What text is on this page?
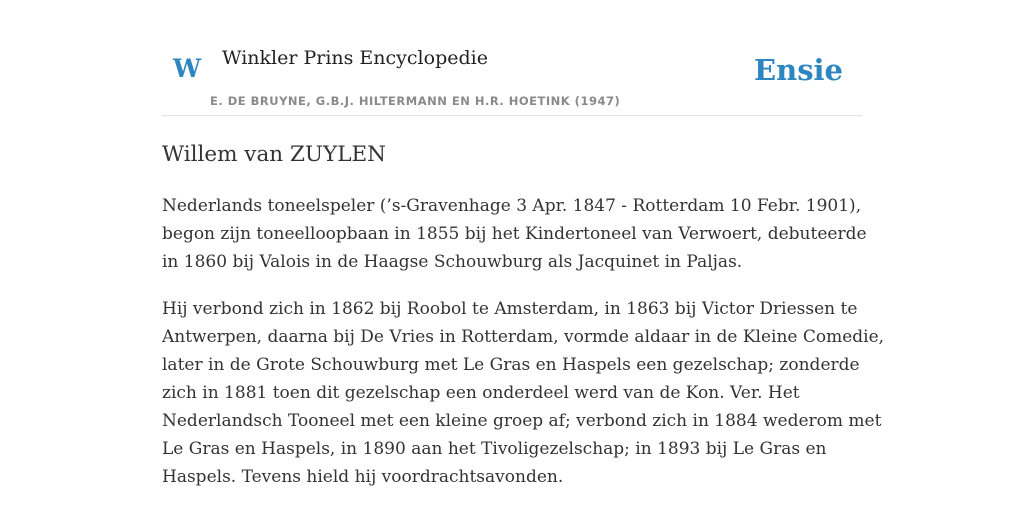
W Winkler Prins Encyclopedie
E. DE BRUYNE, G.B.J. HILTERMANN EN H.R. HOETINK (1947)
Ensie
Willem van ZUYLEN

Nederlands toneelspeler (’s-Gravenhage 3 Apr. 1847 - Rotterdam 10 Febr. 1901),
begon zijn toneelloopbaan in 1855 bij het Kindertoneel van Verwoert, debuteerde
in 1860 bij Valois in de Haagse Schouwburg als Jacquinet in Paljas.

Hij verbond zich in 1862 bij Roobol te Amsterdam, in 1863 bij Victor Driessen te
Antwerpen, daarna bij De Vries in Rotterdam, vormde aldaar in de Kleine Comedie,
later in de Grote Schouwburg met Le Gras en Haspels een gezelschap; zonderde
zich in 1881 toen dit gezelschap een onderdeel werd van de Kon. Ver. Het
Nederlandsch Tooneel met een kleine groep af; verbond zich in 1884 wederom met
Le Gras en Haspels, in 1890 aan het Tivoligezelschap; in 1893 bij Le Gras en
Haspels. Tevens hield hij voordrachtsavonden.
